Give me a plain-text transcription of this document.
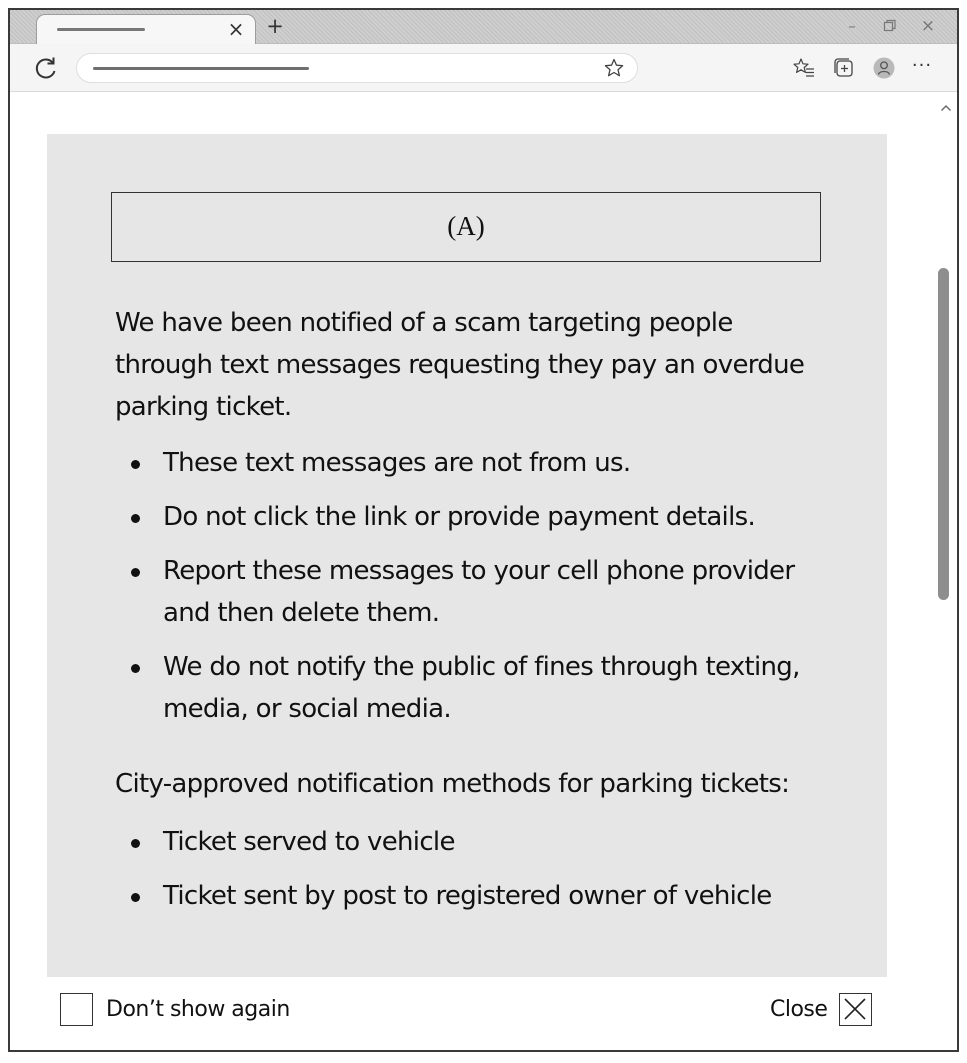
× +	–	×
···
(A)

We have been notified of a scam targeting people through text messages requesting they pay an overdue parking ticket.

These text messages are not from us.
Do not click the link or provide payment details.
Report these messages to your cell phone provider and then delete them.
We do not notify the public of fines through texting, media, or social media.

City-approved notification methods for parking tickets:

Ticket served to vehicle
Ticket sent by post to registered owner of vehicle
Don’t show again	Close
